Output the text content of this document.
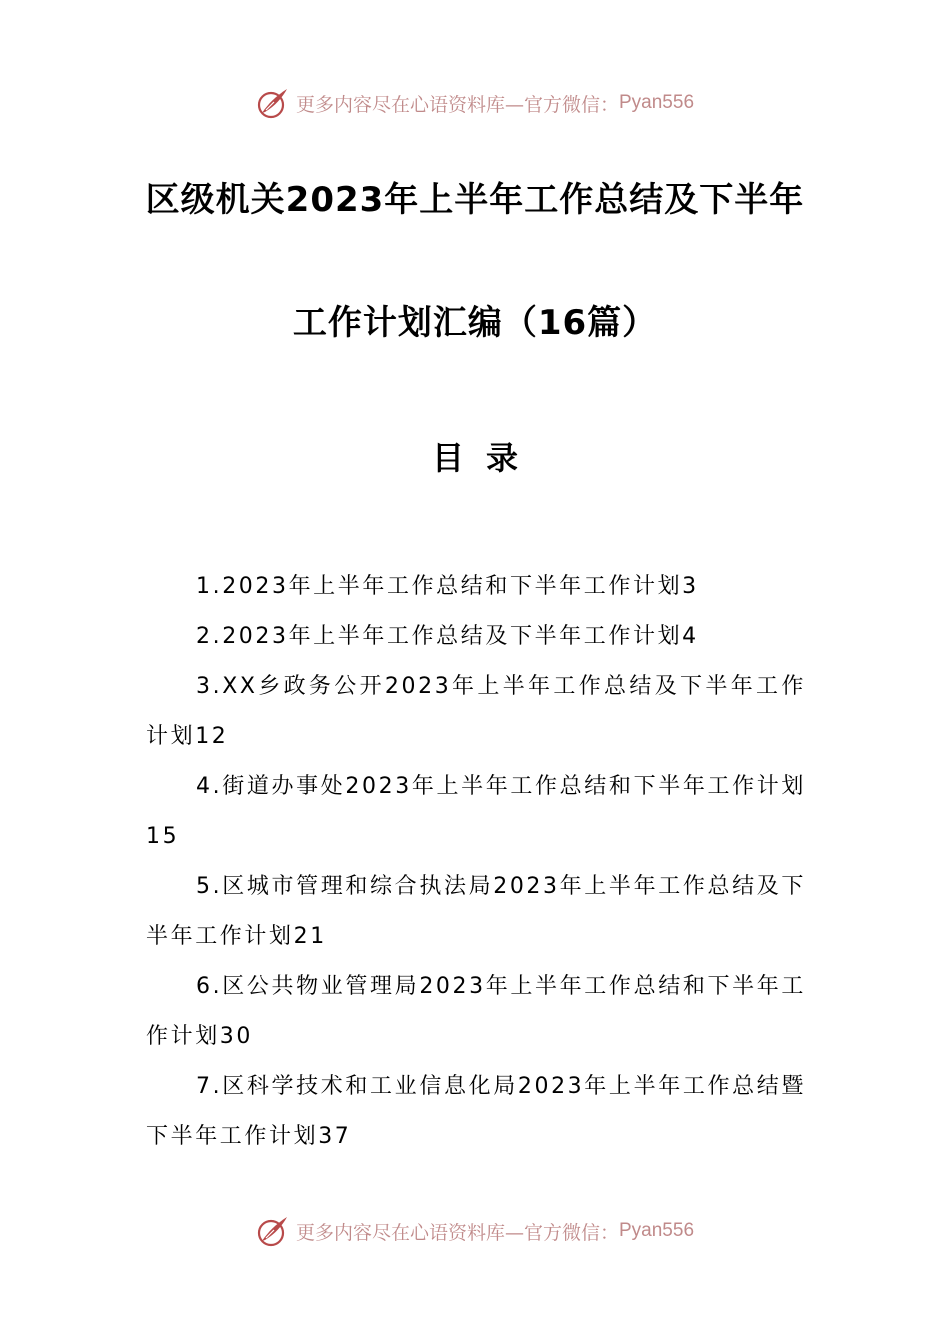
更多内容尽在心语资料库—官方微信： Pyan556
区级机关2023年上半年工作总结及下半年
工作计划汇编（16篇）
目录

1.2023年上半年工作总结和下半年工作计划3

2.2023年上半年工作总结及下半年工作计划4

3.XX乡政务公开2023年上半年工作总结及下半年工作计划12

4.街道办事处2023年上半年工作总结和下半年工作计划15

5.区城市管理和综合执法局2023年上半年工作总结及下半年工作计划21

6.区公共物业管理局2023年上半年工作总结和下半年工作计划30

7.区科学技术和工业信息化局2023年上半年工作总结暨下半年工作计划37

更多内容尽在心语资料库—官方微信： Pyan556
